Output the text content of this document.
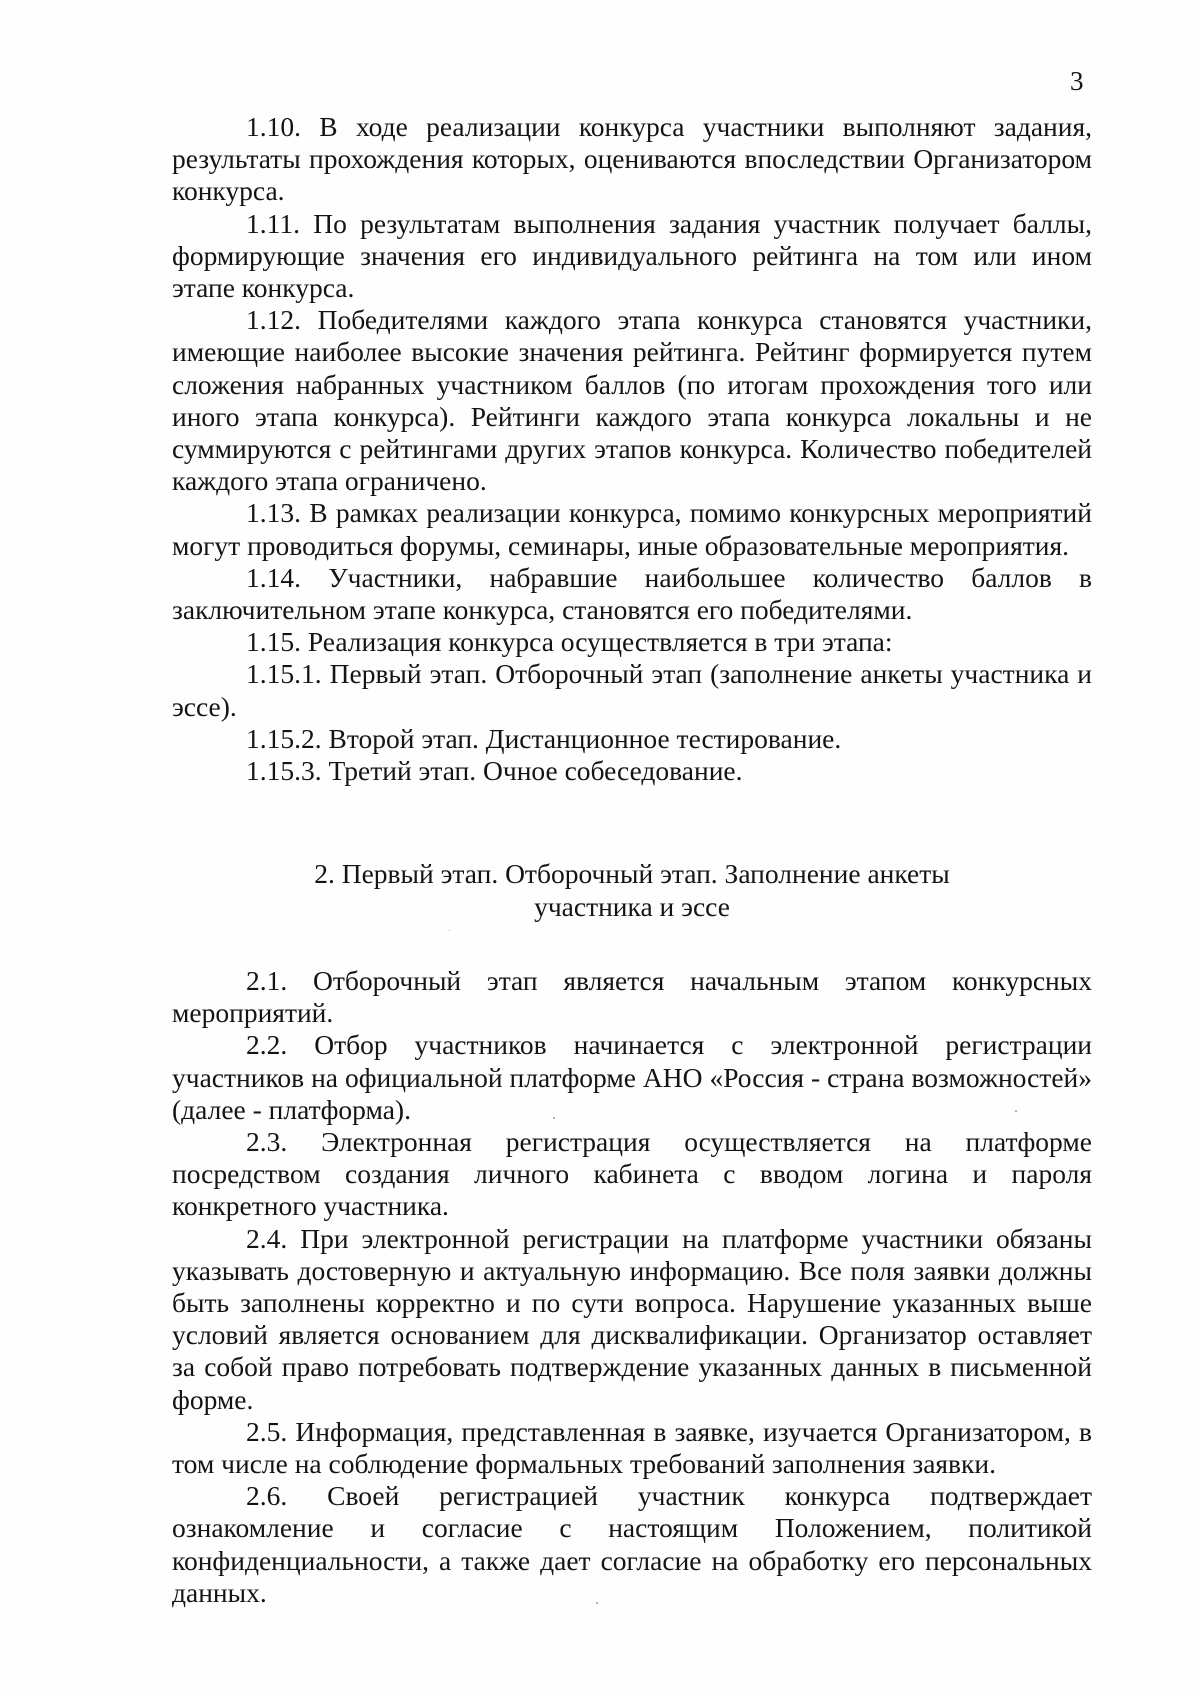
3

1.10. В ходе реализации конкурса участники выполняют задания, результаты прохождения которых, оцениваются впоследствии Организатором конкурса.

1.11. По результатам выполнения задания участник получает баллы, формирующие значения его индивидуального рейтинга на том или ином этапе конкурса.

1.12. Победителями каждого этапа конкурса становятся участники, имеющие наиболее высокие значения рейтинга. Рейтинг формируется путем сложения набранных участником баллов (по итогам прохождения того или иного этапа конкурса). Рейтинги каждого этапа конкурса локальны и не суммируются с рейтингами других этапов конкурса. Количество победителей каждого этапа ограничено.

1.13. В рамках реализации конкурса, помимо конкурсных мероприятий могут проводиться форумы, семинары, иные образовательные мероприятия.

1.14. Участники, набравшие наибольшее количество баллов в заключительном этапе конкурса, становятся его победителями.

1.15. Реализация конкурса осуществляется в три этапа:

1.15.1. Первый этап. Отборочный этап (заполнение анкеты участника и эссе).

1.15.2. Второй этап. Дистанционное тестирование.

1.15.3. Третий этап. Очное собеседование.

2. Первый этап. Отборочный этап. Заполнение анкеты
участника и эссе

2.1. Отборочный этап является начальным этапом конкурсных мероприятий.

2.2. Отбор участников начинается с электронной регистрации участников на официальной платформе АНО «Россия - страна возможностей» (далее - платформа).

2.3. Электронная регистрация осуществляется на платформе посредством создания личного кабинета с вводом логина и пароля конкретного участника.

2.4. При электронной регистрации на платформе участники обязаны указывать достоверную и актуальную информацию. Все поля заявки должны быть заполнены корректно и по сути вопроса. Нарушение указанных выше условий является основанием для дисквалификации. Организатор оставляет за собой право потребовать подтверждение указанных данных в письменной форме.

2.5. Информация, представленная в заявке, изучается Организатором, в том числе на соблюдение формальных требований заполнения заявки.

2.6. Своей регистрацией участник конкурса подтверждает ознакомление и согласие с настоящим Положением, политикой конфиденциальности, а также дает согласие на обработку его персональных данных.
